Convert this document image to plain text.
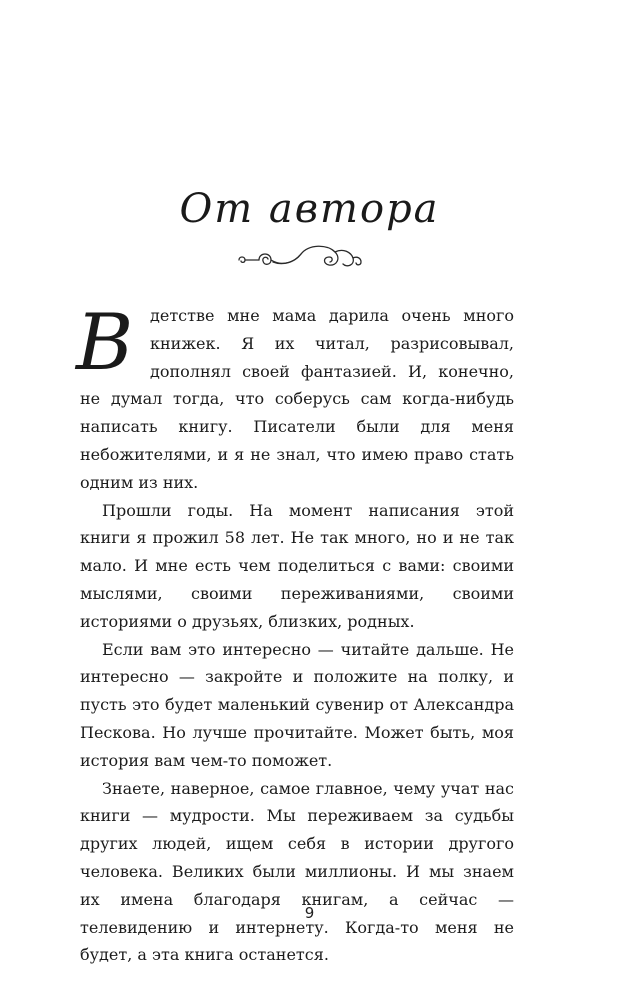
От автора

В	детстве мне мама дарила очень много книжек. Я их читал, разрисовывал, дополнял своей фантазией. И, конечно, не думал тогда, что соберусь сам когда-нибудь написать книгу. Писатели были для меня небожителями, и я не знал, что имею право стать одним из них.

Прошли годы. На момент написания этой книги я прожил 58 лет. Не так много, но и не так мало. И мне есть чем поделиться с вами: своими мыслями, своими переживаниями, своими историями о друзьях, близких, родных.

Если вам это интересно — читайте дальше. Не интересно — закройте и положите на полку, и пусть это будет маленький сувенир от Александра Пескова. Но лучше прочитайте. Может быть, моя история вам чем-то поможет.

Знаете, наверное, самое главное, чему учат нас книги — мудрости. Мы переживаем за судьбы других людей, ищем себя в истории другого человека. Великих были миллионы. И мы знаем их имена благодаря книгам, а сейчас — телевидению и интернету. Когда-то меня не будет, а эта книга останется.

9
